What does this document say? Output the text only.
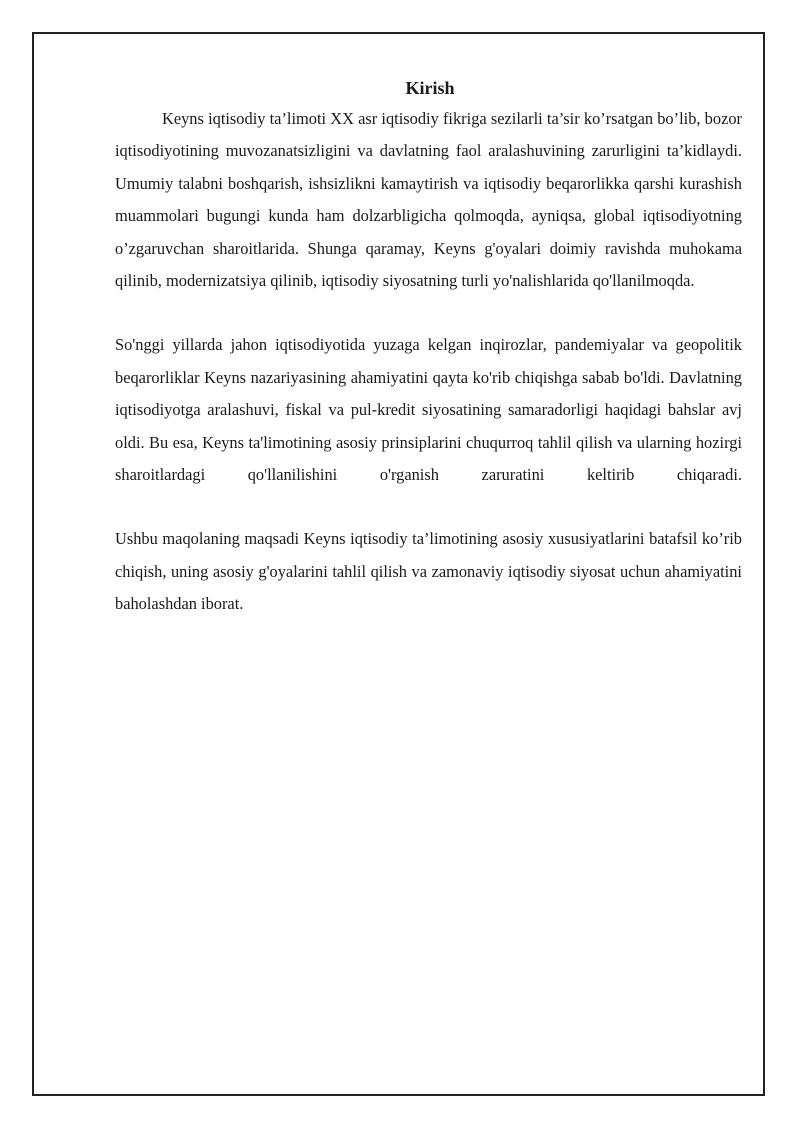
Kirish

Keyns iqtisodiy ta’limoti XX asr iqtisodiy fikriga sezilarli ta’sir ko’rsatgan bo’lib, bozor iqtisodiyotining muvozanatsizligini va davlatning faol aralashuvining zarurligini ta’kidlaydi. Umumiy talabni boshqarish, ishsizlikni kamaytirish va iqtisodiy beqarorlikka qarshi kurashish muammolari bugungi kunda ham dolzarbligicha qolmoqda, ayniqsa, global iqtisodiyotning o’zgaruvchan sharoitlarida. Shunga qaramay, Keyns g'oyalari doimiy ravishda muhokama qilinib, modernizatsiya qilinib, iqtisodiy siyosatning turli yo'nalishlarida qo'llanilmoqda.

So'nggi yillarda jahon iqtisodiyotida yuzaga kelgan inqirozlar, pandemiyalar va geopolitik beqarorliklar Keyns nazariyasining ahamiyatini qayta ko'rib chiqishga sabab bo'ldi. Davlatning iqtisodiyotga aralashuvi, fiskal va pul-kredit siyosatining samaradorligi haqidagi bahslar avj oldi. Bu esa, Keyns ta'limotining asosiy prinsiplarini chuqurroq tahlil qilish va ularning hozirgi sharoitlardagi qo'llanilishini o'rganish zaruratini keltirib chiqaradi.

Ushbu maqolaning maqsadi Keyns iqtisodiy ta’limotining asosiy xususiyatlarini batafsil ko’rib chiqish, uning asosiy g'oyalarini tahlil qilish va zamonaviy iqtisodiy siyosat uchun ahamiyatini baholashdan iborat.
